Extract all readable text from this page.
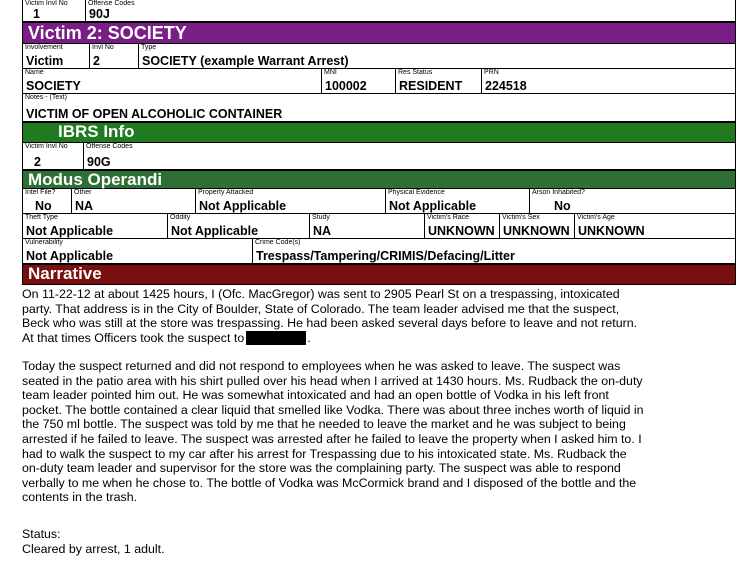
Victim Invl No
1
Offense Codes
90J
Victim 2: SOCIETY
Involvement
Victim
Invl No
2
Type
SOCIETY (example Warrant Arrest)
Name
SOCIETY
MNI
100002
Res Status
RESIDENT
PRN
224518
Notes - (Text)
VICTIM OF OPEN ALCOHOLIC CONTAINER
IBRS Info
Victim Invl No
2
Offense Codes
90G
Modus Operandi
Intel File?
No
Other
NA
Property Attacked
Not Applicable
Physical Evidence
Not Applicable
Arson Inhabited?
No
Theft Type
Not Applicable
Oddity
Not Applicable
Study
NA
Victim's Race
UNKNOWN
Victim's Sex
UNKNOWN
Victim's Age
UNKNOWN
Vulnerability
Not Applicable
Crime Code(s)
Trespass/Tampering/CRIMIS/Defacing/Litter
Narrative
On 11-22-12 at about 1425 hours, I (Ofc. MacGregor) was sent to 2905 Pearl St on a trespassing, intoxicated
party. That address is in the City of Boulder, State of Colorado. The team leader advised me that the suspect,
Beck who was still at the store was trespassing. He had been asked several days before to leave and not return.
At that times Officers took the suspect to	.
Today the suspect returned and did not respond to employees when he was asked to leave. The suspect was
seated in the patio area with his shirt pulled over his head when I arrived at 1430 hours. Ms. Rudback the on-duty
team leader pointed him out. He was somewhat intoxicated and had an open bottle of Vodka in his left front
pocket. The bottle contained a clear liquid that smelled like Vodka. There was about three inches worth of liquid in
the 750 ml bottle. The suspect was told by me that he needed to leave the market and he was subject to being
arrested if he failed to leave. The suspect was arrested after he failed to leave the property when I asked him to. I
had to walk the suspect to my car after his arrest for Trespassing due to his intoxicated state. Ms. Rudback the
on-duty team leader and supervisor for the store was the complaining party. The suspect was able to respond
verbally to me when he chose to. The bottle of Vodka was McCormick brand and I disposed of the bottle and the
contents in the trash.
Status:
Cleared by arrest, 1 adult.
